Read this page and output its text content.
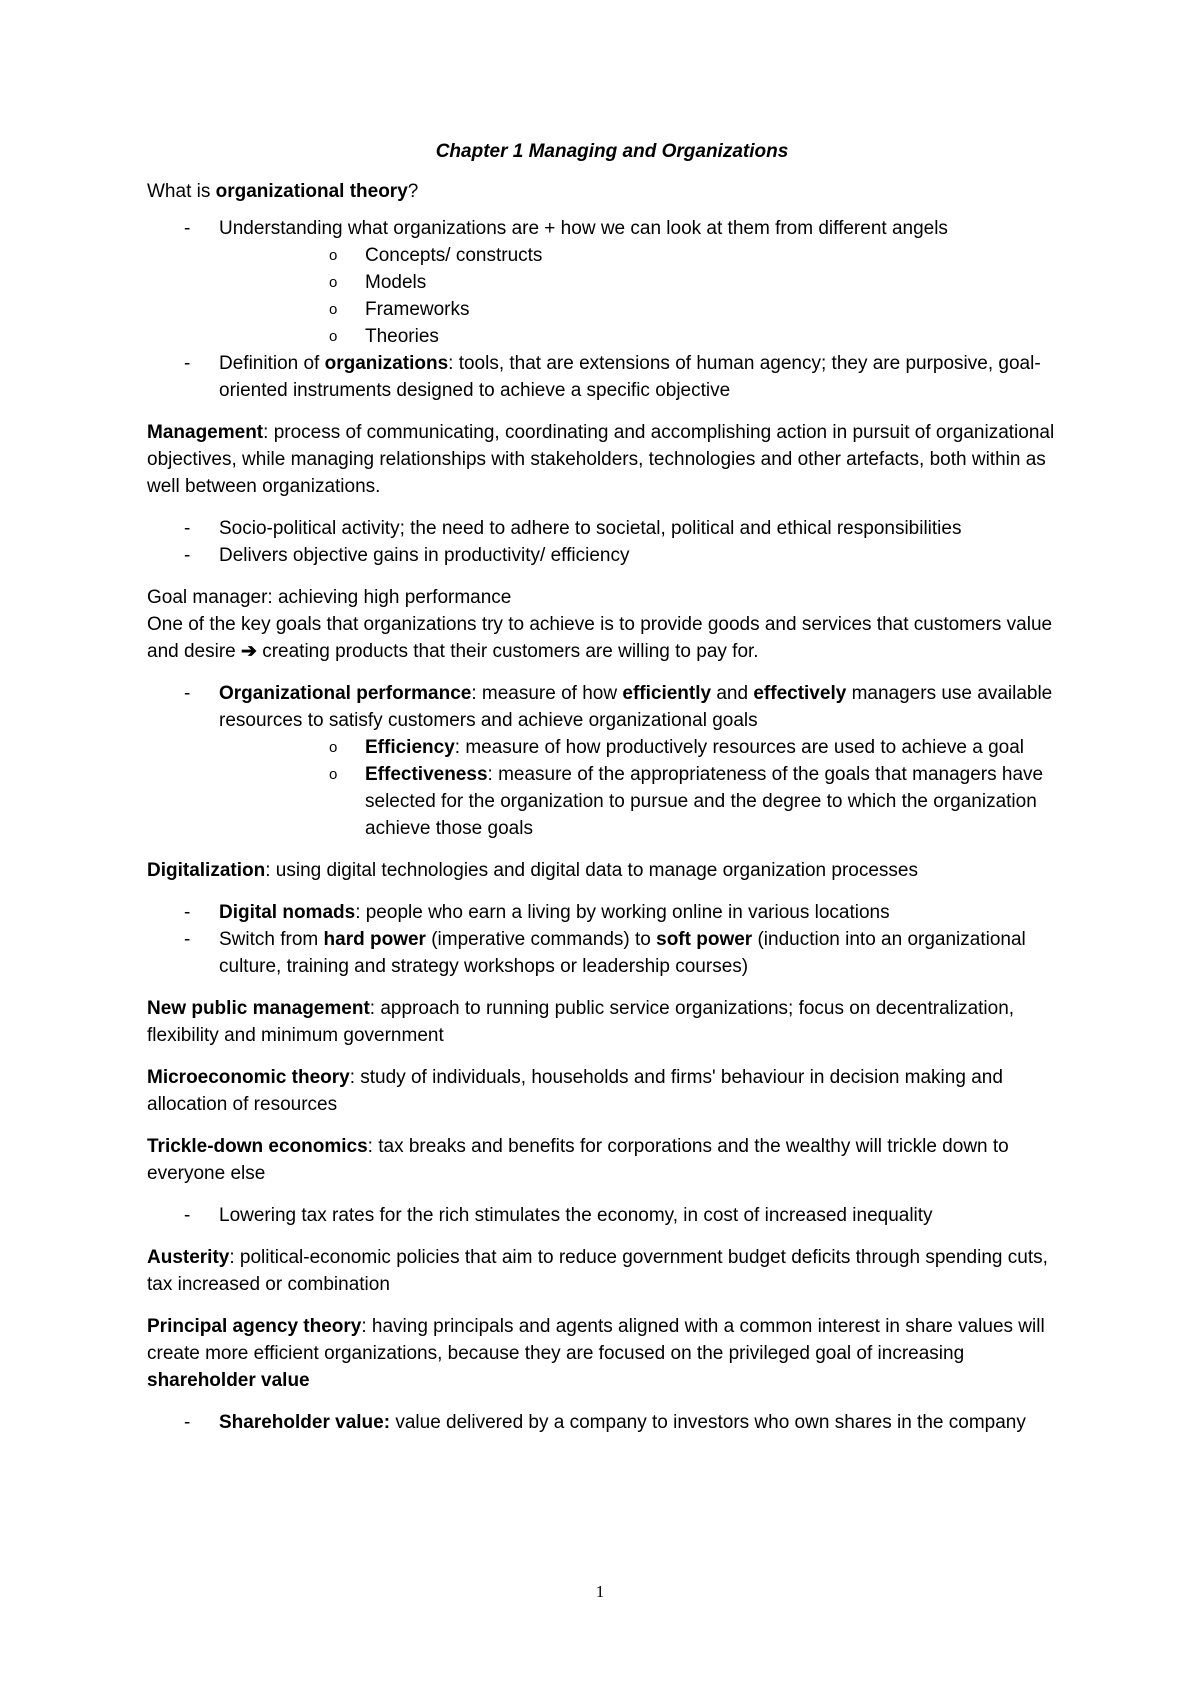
Chapter 1 Managing and Organizations

What is organizational theory?

- Understanding what organizations are + how we can look at them from different angels
o Concepts/ constructs
o Models
o Frameworks
o Theories
- Definition of organizations: tools, that are extensions of human agency; they are purposive, goal-oriented instruments designed to achieve a specific objective

Management: process of communicating, coordinating and accomplishing action in pursuit of organizational objectives, while managing relationships with stakeholders, technologies and other artefacts, both within as well between organizations.

- Socio-political activity; the need to adhere to societal, political and ethical responsibilities
- Delivers objective gains in productivity/ efficiency

Goal manager: achieving high performance
One of the key goals that organizations try to achieve is to provide goods and services that customers value and desire ➔ creating products that their customers are willing to pay for.

- Organizational performance: measure of how efficiently and effectively managers use available resources to satisfy customers and achieve organizational goals
o Efficiency: measure of how productively resources are used to achieve a goal
o Effectiveness: measure of the appropriateness of the goals that managers have selected for the organization to pursue and the degree to which the organization achieve those goals

Digitalization: using digital technologies and digital data to manage organization processes

- Digital nomads: people who earn a living by working online in various locations
- Switch from hard power (imperative commands) to soft power (induction into an organizational culture, training and strategy workshops or leadership courses)

New public management: approach to running public service organizations; focus on decentralization, flexibility and minimum government

Microeconomic theory: study of individuals, households and firms' behaviour in decision making and allocation of resources

Trickle-down economics: tax breaks and benefits for corporations and the wealthy will trickle down to everyone else

- Lowering tax rates for the rich stimulates the economy, in cost of increased inequality

Austerity: political-economic policies that aim to reduce government budget deficits through spending cuts, tax increased or combination

Principal agency theory: having principals and agents aligned with a common interest in share values will create more efficient organizations, because they are focused on the privileged goal of increasing shareholder value

- Shareholder value: value delivered by a company to investors who own shares in the company
1
